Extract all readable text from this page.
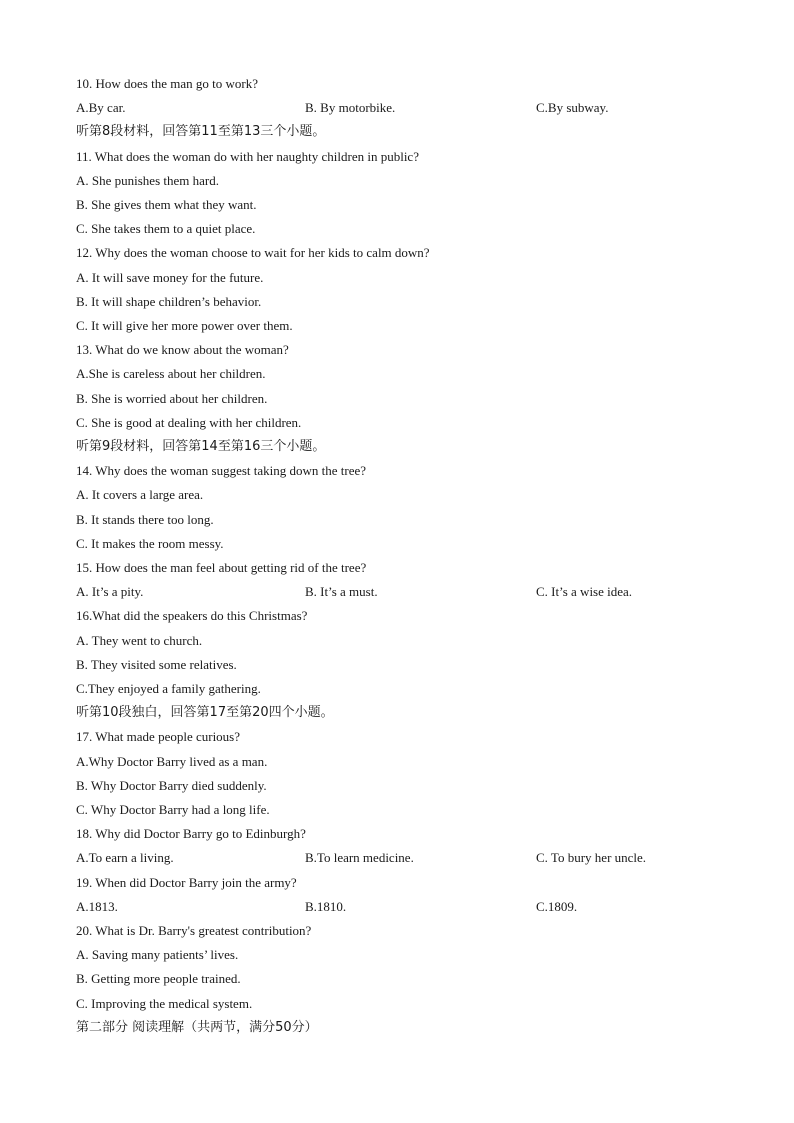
10. How does the man go to work?
A.By car.	B. By motorbike.	C.By subway.
听第8段材料，回答第11至第13三个小题。
11. What does the woman do with her naughty children in public?
A. She punishes them hard.
B. She gives them what they want.
C. She takes them to a quiet place.
12. Why does the woman choose to wait for her kids to calm down?
A. It will save money for the future.
B. It will shape children’s behavior.
C. It will give her more power over them.
13. What do we know about the woman?
A.She is careless about her children.
B. She is worried about her children.
C. She is good at dealing with her children.
听第9段材料，回答第14至第16三个小题。
14. Why does the woman suggest taking down the tree?
A. It covers a large area.
B. It stands there too long.
C. It makes the room messy.
15. How does the man feel about getting rid of the tree?
A. It’s a pity.	B. It’s a must.	C. It’s a wise idea.
16.What did the speakers do this Christmas?
A. They went to church.
B. They visited some relatives.
C.They enjoyed a family gathering.
听第10段独白，回答第17至第20四个小题。
17. What made people curious?
A.Why Doctor Barry lived as a man.
B. Why Doctor Barry died suddenly.
C. Why Doctor Barry had a long life.
18. Why did Doctor Barry go to Edinburgh?
A.To earn a living.	B.To learn medicine.	C. To bury her uncle.
19. When did Doctor Barry join the army?
A.1813.	B.1810.	C.1809.
20. What is Dr. Barry's greatest contribution?
A. Saving many patients’ lives.
B. Getting more people trained.
C. Improving the medical system.
第二部分 阅读理解（共两节，满分50分）
